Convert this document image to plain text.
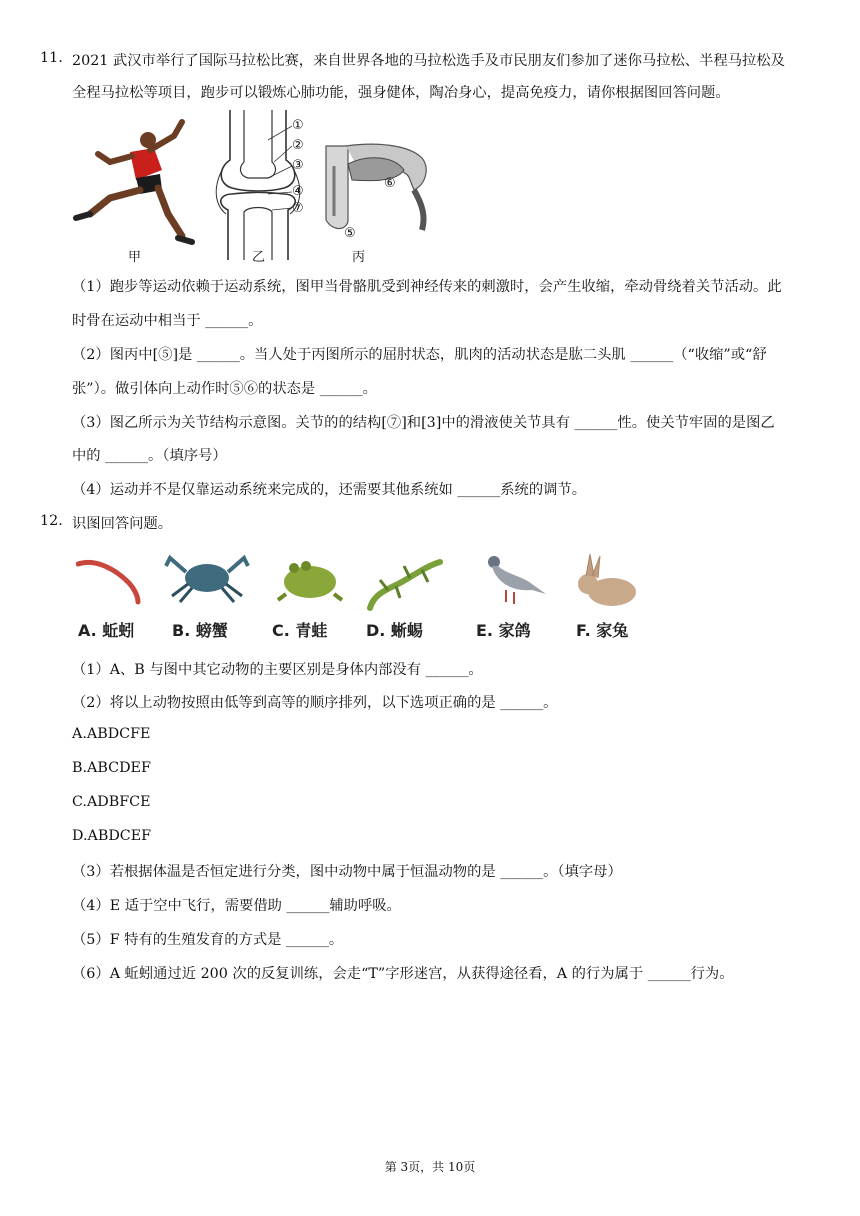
11. 2021 武汉市举行了国际马拉松比赛，来自世界各地的马拉松选手及市民朋友们参加了迷你马拉松、半程马拉松及
全程马拉松等项目，跑步可以锻炼心肺功能，强身健体，陶冶身心，提高免疫力，请你根据图回答问题。
甲
①
②
③
④
⑦
乙
⑥
⑤
丙
（1）跑步等运动依赖于运动系统，图甲当骨骼肌受到神经传来的刺激时，会产生收缩，牵动骨绕着关节活动。此
时骨在运动中相当于 ______。
（2）图丙中[⑤]是 ______。当人处于丙图所示的屈肘状态，肌肉的活动状态是肱二头肌 ______（“收缩”或“舒
张”）。做引体向上动作时⑤⑥的状态是 ______。
（3）图乙所示为关节结构示意图。关节的的结构[⑦]和[3]中的滑液使关节具有 ______性。使关节牢固的是图乙
中的 ______。（填序号）
（4）运动并不是仅靠运动系统来完成的，还需要其他系统如 ______系统的调节。
12. 识图回答问题。
A. 蚯蚓 B. 螃蟹	C. 青蛙 D. 蜥蜴	E. 家鸽	F. 家兔
（1）A、B 与图中其它动物的主要区别是身体内部没有 ______。
（2）将以上动物按照由低等到高等的顺序排列，以下选项正确的是 ______。
A.ABDCFE
B.ABCDEF
C.ADBFCE
D.ABDCEF
（3）若根据体温是否恒定进行分类，图中动物中属于恒温动物的是 ______。（填字母）
（4）E 适于空中飞行，需要借助 ______辅助呼吸。
（5）F 特有的生殖发育的方式是 ______。
（6）A 蚯蚓通过近 200 次的反复训练，会走“T”字形迷宫，从获得途径看，A 的行为属于 ______行为。
第 3页，共 10页
